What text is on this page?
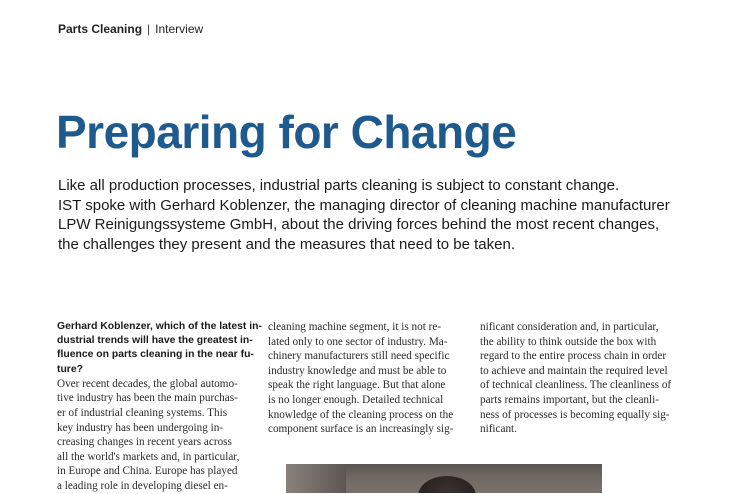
Parts Cleaning | Interview
Preparing for Change
Like all production processes, industrial parts cleaning is subject to constant change.
IST spoke with Gerhard Koblenzer, the managing director of cleaning machine manufacturer
LPW Reinigungssysteme GmbH, about the driving forces behind the most recent changes,
the challenges they present and the measures that need to be taken.
Gerhard Koblenzer, which of the latest in-
dustrial trends will have the greatest in-
fluence on parts cleaning in the near fu-
ture?
Over recent decades, the global automo-
tive industry has been the main purchas-
er of industrial cleaning systems. This
key industry has been undergoing in-
creasing changes in recent years across
all the world's markets and, in particular,
in Europe and China. Europe has played
a leading role in developing diesel en-
cleaning machine segment, it is not re-
lated only to one sector of industry. Ma-
chinery manufacturers still need specific
industry knowledge and must be able to
speak the right language. But that alone
is no longer enough. Detailed technical
knowledge of the cleaning process on the
component surface is an increasingly sig-
nificant consideration and, in particular,
the ability to think outside the box with
regard to the entire process chain in order
to achieve and maintain the required level
of technical cleanliness. The cleanliness of
parts remains important, but the cleanli-
ness of processes is becoming equally sig-
nificant.
